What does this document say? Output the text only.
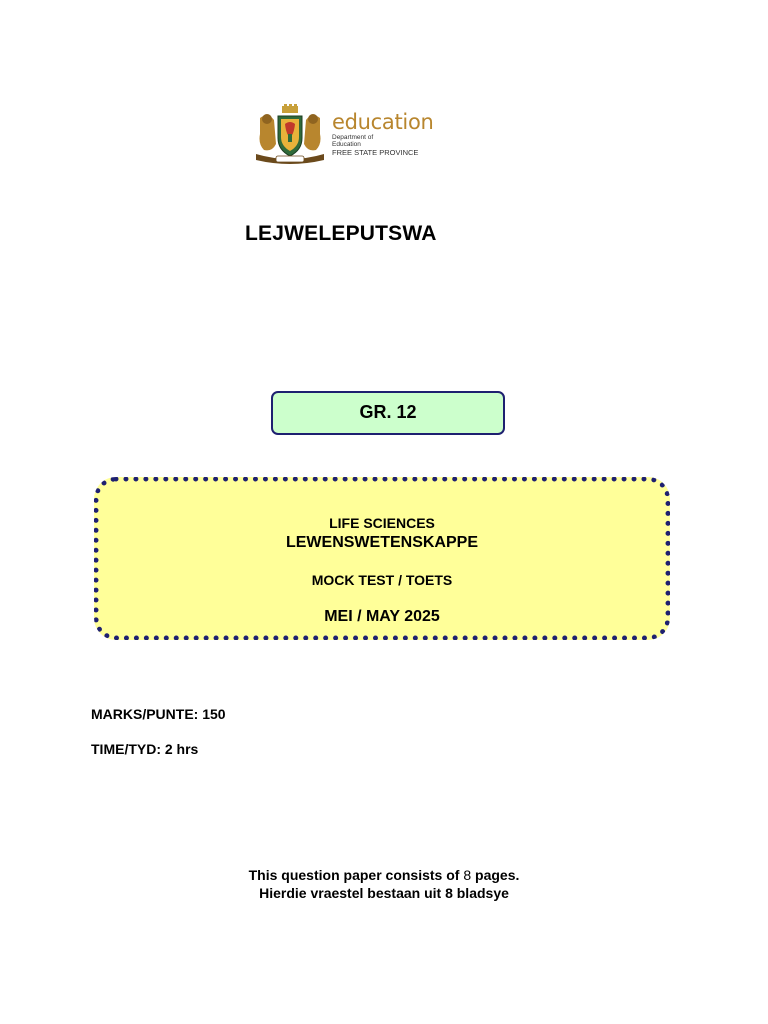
education
Department of
Education
FREE STATE PROVINCE
LEJWELEPUTSWA
GR. 12
LIFE SCIENCES
LEWENSWETENSKAPPE
MOCK TEST / TOETS
MEI / MAY 2025
MARKS/PUNTE: 150
TIME/TYD: 2 hrs
This question paper consists of 8 pages.
Hierdie vraestel bestaan uit 8 bladsye
